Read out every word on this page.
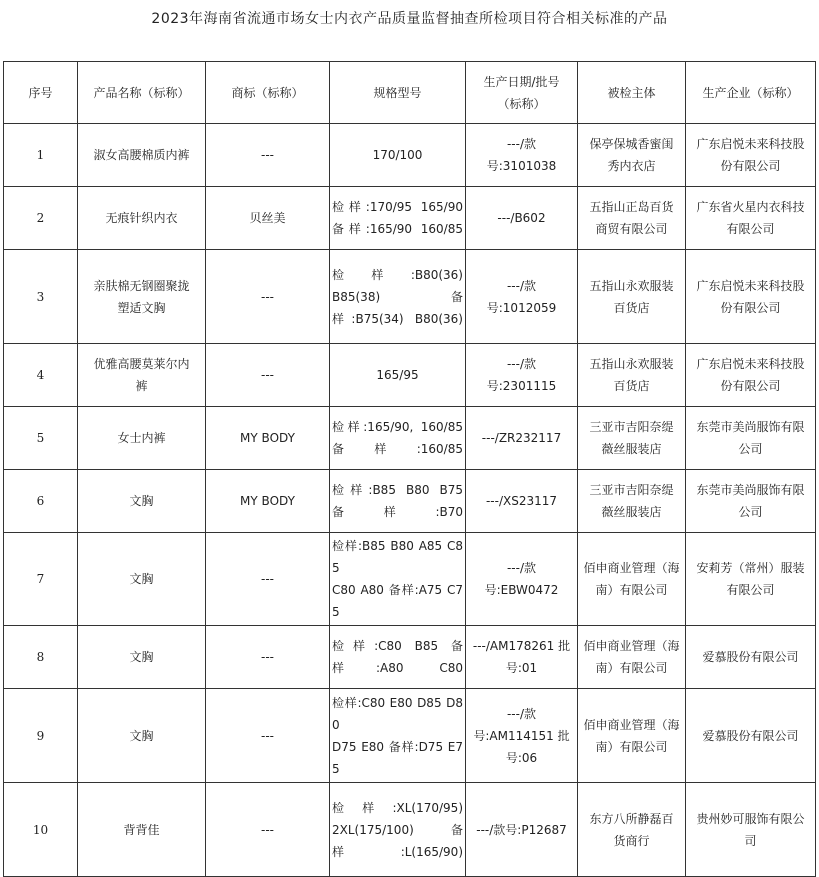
2023年海南省流通市场女士内衣产品质量监督抽查所检项目符合相关标准的产品
序号	产品名称（标称）	商标（标称）	规格型号	生产日期/批号
（标称）	被检主体	生产企业（标称）
1	淑女高腰棉质内裤	---	170/100	---/款
号:3101038	保亭保城香蜜闺
秀内衣店	广东启悦未来科技股
份有限公司

2	无痕针织内衣	贝丝美	检样:170/95 165/90
备样:165/90 160/85	---/B602	五指山正岛百货
商贸有限公司	广东省火星内衣科技
有限公司

3	亲肤棉无钢圈聚拢
塑适文胸	---	检样:B80(36)
B85(38) 备
样:B75(34) B80(36)	---/款
号:1012059	五指山永欢服装
百货店	广东启悦未来科技股
份有限公司

4	优雅高腰莫莱尔内
裤	---	165/95	---/款
号:2301115	五指山永欢服装
百货店	广东启悦未来科技股
份有限公司

5	女士内裤	MY BODY	检样:165/90, 160/85
备样:160/85	---/ZR232117	三亚市吉阳奈缇
薇丝服装店	东莞市美尚服饰有限
公司

6	文胸	MY BODY	检样:B85 B80 B75
备样:B70	---/XS23117	三亚市吉阳奈缇
薇丝服装店	东莞市美尚服饰有限
公司

7	文胸	---	检样:B85 B80 A85 C85
C80 A80 备样:A75 C75	---/款
号:EBW0472	佰申商业管理（海
南）有限公司	安莉芳（常州）服装
有限公司

8	文胸	---	检样:C80 B85 备
样:A80 C80	---/AM178261 批
号:01	佰申商业管理（海
南）有限公司	爱慕股份有限公司

9	文胸	---	检样:C80 E80 D85 D80
D75 E80 备样:D75 E75	---/款
号:AM114151 批
号:06	佰申商业管理（海
南）有限公司	爱慕股份有限公司

10	背背佳	---	检样:XL(170/95)
2XL(175/100) 备
样:L(165/90)	---/款号:P12687	东方八所静磊百
货商行	贵州妙可服饰有限公
司
